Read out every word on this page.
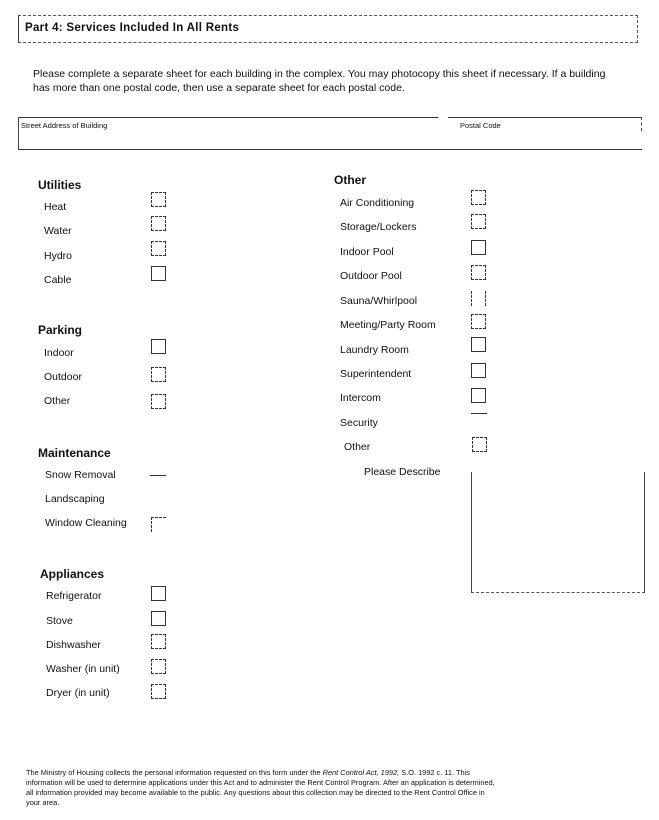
Part 4: Services Included In All Rents
Please complete a separate sheet for each building in the complex. You may photocopy this sheet if necessary. If a building has more than one postal code, then use a separate sheet for each postal code.
Street Address of Building	Postal Code
Utilities
Heat
Water
Hydro
Cable
Parking
Indoor
Outdoor
Other
Maintenance
Snow Removal
Landscaping
Window Cleaning
Appliances
Refrigerator
Stove
Dishwasher
Washer (in unit)
Dryer (in unit)
Other
Air Conditioning
Storage/Lockers
Indoor Pool
Outdoor Pool
Sauna/Whirlpool
Meeting/Party Room
Laundry Room
Superintendent
Intercom
Security
Other
Please Describe
The Ministry of Housing collects the personal information requested on this form under the Rent Control Act, 1992, S.O. 1992 c. 11. This information will be used to determine applications under this Act and to administer the Rent Control Program. After an application is determined, all information provided may become available to the public. Any questions about this collection may be directed to the Rent Control Office in your area.
